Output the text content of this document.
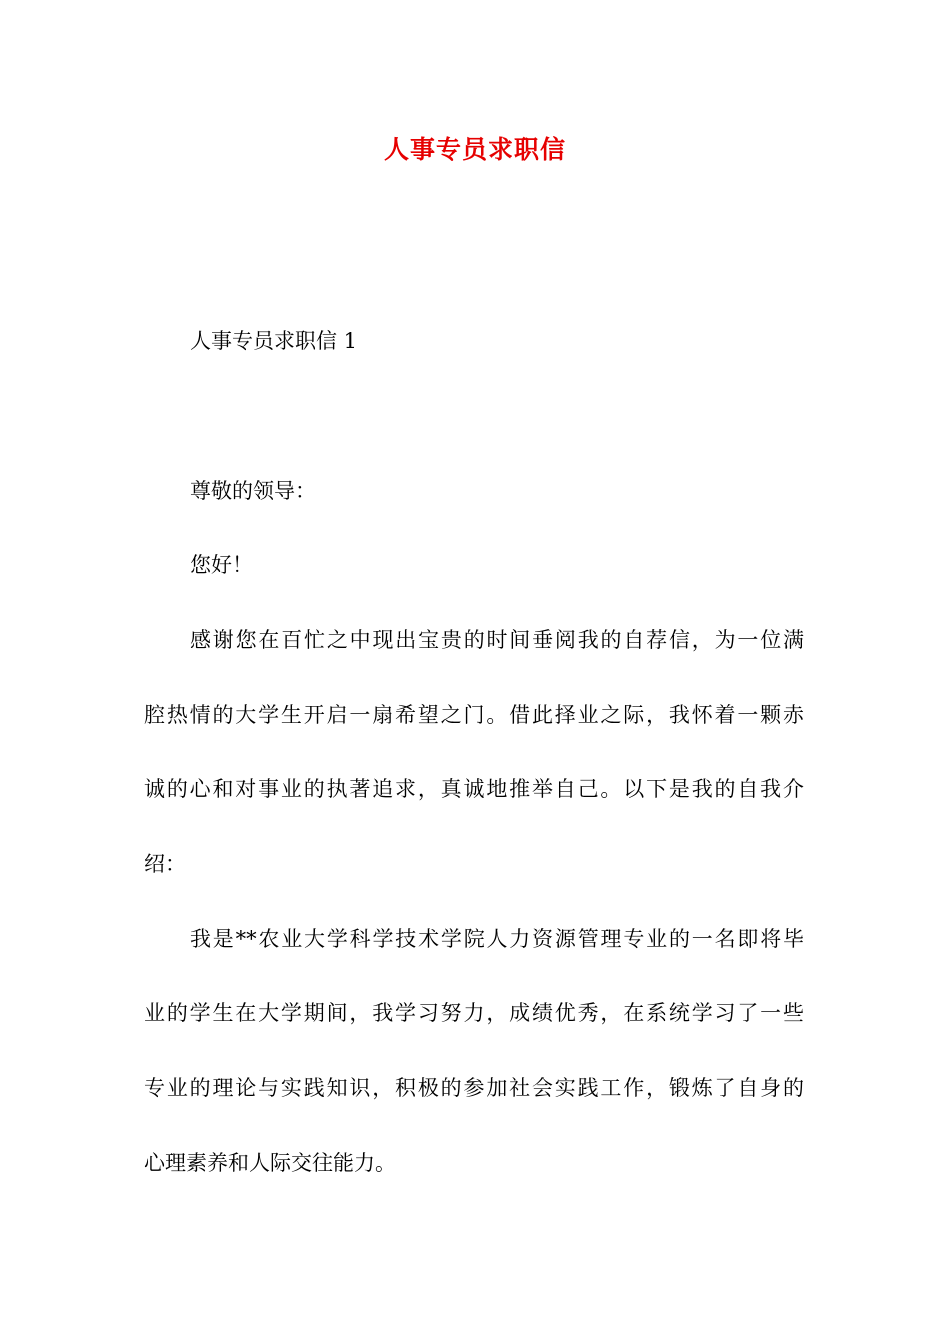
人事专员求职信
人事专员求职信 1
尊敬的领导：
您好！
感谢您在百忙之中现出宝贵的时间垂阅我的自荐信，为一位满
腔热情的大学生开启一扇希望之门。借此择业之际，我怀着一颗赤
诚的心和对事业的执著追求，真诚地推举自己。以下是我的自我介
绍：
我是**农业大学科学技术学院人力资源管理专业的一名即将毕
业的学生在大学期间，我学习努力，成绩优秀，在系统学习了一些
专业的理论与实践知识，积极的参加社会实践工作，锻炼了自身的
心理素养和人际交往能力。
